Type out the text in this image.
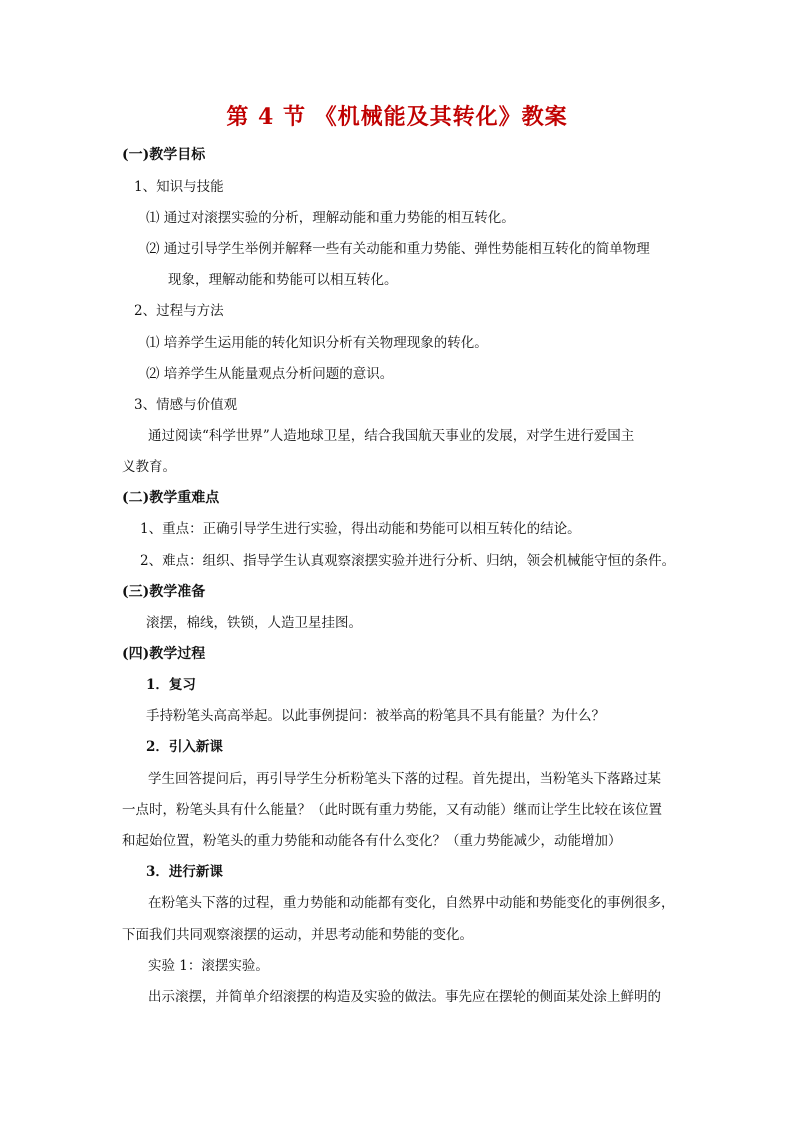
第 4 节 《机械能及其转化》教案
(一)教学目标
1、知识与技能
⑴ 通过对滚摆实验的分析，理解动能和重力势能的相互转化。
⑵ 通过引导学生举例并解释一些有关动能和重力势能、弹性势能相互转化的简单物理
现象，理解动能和势能可以相互转化。
2、过程与方法
⑴ 培养学生运用能的转化知识分析有关物理现象的转化。
⑵ 培养学生从能量观点分析问题的意识。
3、情感与价值观
通过阅读“科学世界”人造地球卫星，结合我国航天事业的发展，对学生进行爱国主
义教育。
(二)教学重难点
1、重点：正确引导学生进行实验，得出动能和势能可以相互转化的结论。
2、难点：组织、指导学生认真观察滚摆实验并进行分析、归纳，领会机械能守恒的条件。
(三)教学准备
滚摆，棉线，铁锁，人造卫星挂图。
(四)教学过程
1．复习
手持粉笔头高高举起。以此事例提问：被举高的粉笔具不具有能量？为什么？
2．引入新课
学生回答提问后，再引导学生分析粉笔头下落的过程。首先提出，当粉笔头下落路过某
一点时，粉笔头具有什么能量？（此时既有重力势能，又有动能）继而让学生比较在该位置
和起始位置，粉笔头的重力势能和动能各有什么变化？（重力势能减少，动能增加）
3．进行新课
在粉笔头下落的过程，重力势能和动能都有变化，自然界中动能和势能变化的事例很多，
下面我们共同观察滚摆的运动，并思考动能和势能的变化。
实验 1：滚摆实验。
出示滚摆，并简单介绍滚摆的构造及实验的做法。事先应在摆轮的侧面某处涂上鲜明的
